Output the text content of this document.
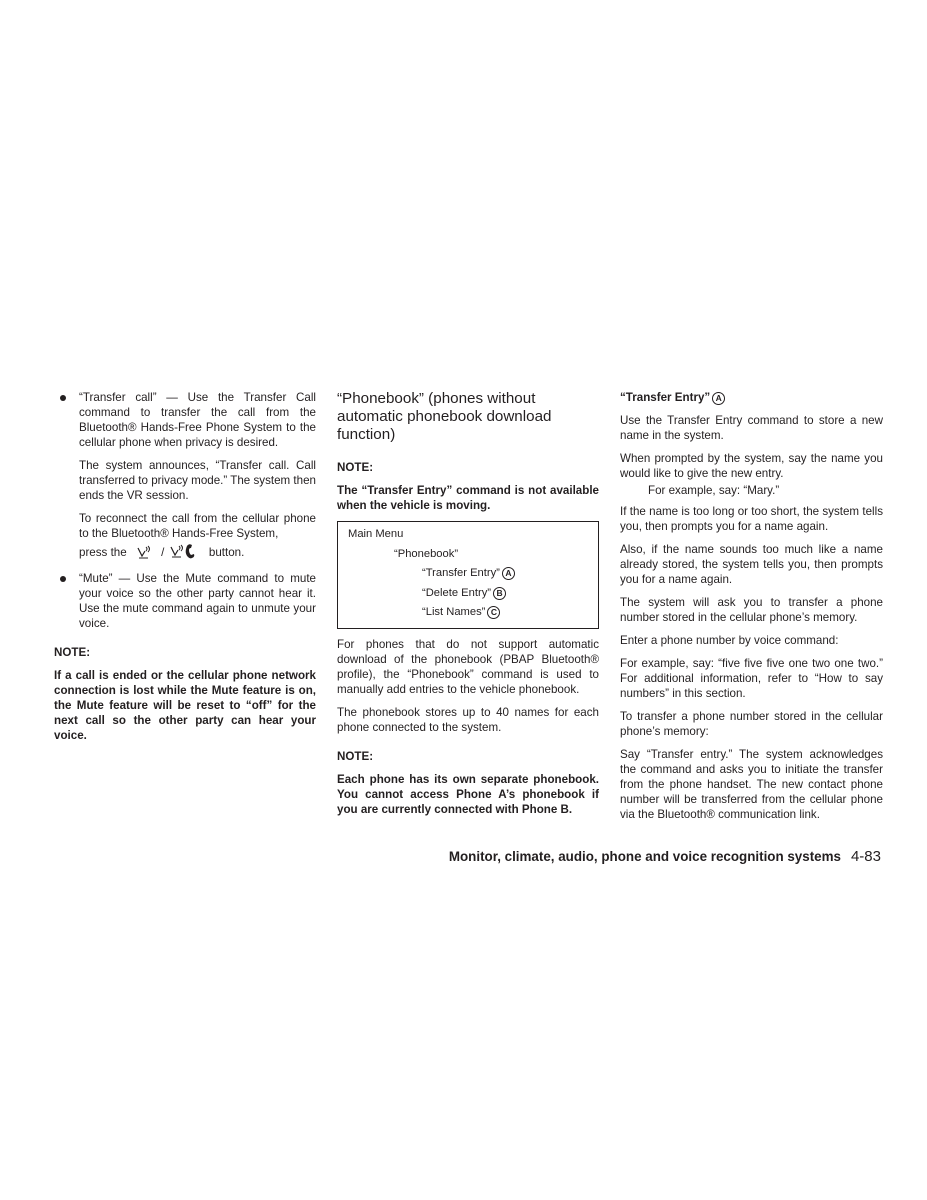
“Transfer call” — Use the Transfer Call command to transfer the call from the Bluetooth® Hands-Free Phone System to the cellular phone when privacy is desired.

The system announces, “Transfer call. Call transferred to privacy mode.” The system then ends the VR session.

To reconnect the call from the cellular phone to the Bluetooth® Hands-Free System,

press the	/	button.

“Mute” — Use the Mute command to mute your voice so the other party cannot hear it. Use the mute command again to unmute your voice.

NOTE:

If a call is ended or the cellular phone network connection is lost while the Mute feature is on, the Mute feature will be reset to “off” for the next call so the other party can hear your voice.

“Phonebook” (phones without automatic phonebook download function)
NOTE:

The “Transfer Entry” command is not available when the vehicle is moving.

Main Menu
“Phonebook”
“Transfer Entry” A
“Delete Entry” B
“List Names” C

For phones that do not support automatic download of the phonebook (PBAP Bluetooth® profile), the “Phonebook” command is used to manually add entries to the vehicle phonebook.

The phonebook stores up to 40 names for each phone connected to the system.

NOTE:

Each phone has its own separate phonebook. You cannot access Phone A’s phonebook if you are currently connected with Phone B.

“Transfer Entry” A

Use the Transfer Entry command to store a new name in the system.

When prompted by the system, say the name you would like to give the new entry.

For example, say: “Mary.”

If the name is too long or too short, the system tells you, then prompts you for a name again.

Also, if the name sounds too much like a name already stored, the system tells you, then prompts you for a name again.

The system will ask you to transfer a phone number stored in the cellular phone’s memory.

Enter a phone number by voice command:

For example, say: “five five five one two one two.” For additional information, refer to “How to say numbers” in this section.

To transfer a phone number stored in the cellular phone’s memory:

Say “Transfer entry.” The system acknowledges the command and asks you to initiate the transfer from the phone handset. The new contact phone number will be transferred from the cellular phone via the Bluetooth® communication link.

Monitor, climate, audio, phone and voice recognition systems 4-83
